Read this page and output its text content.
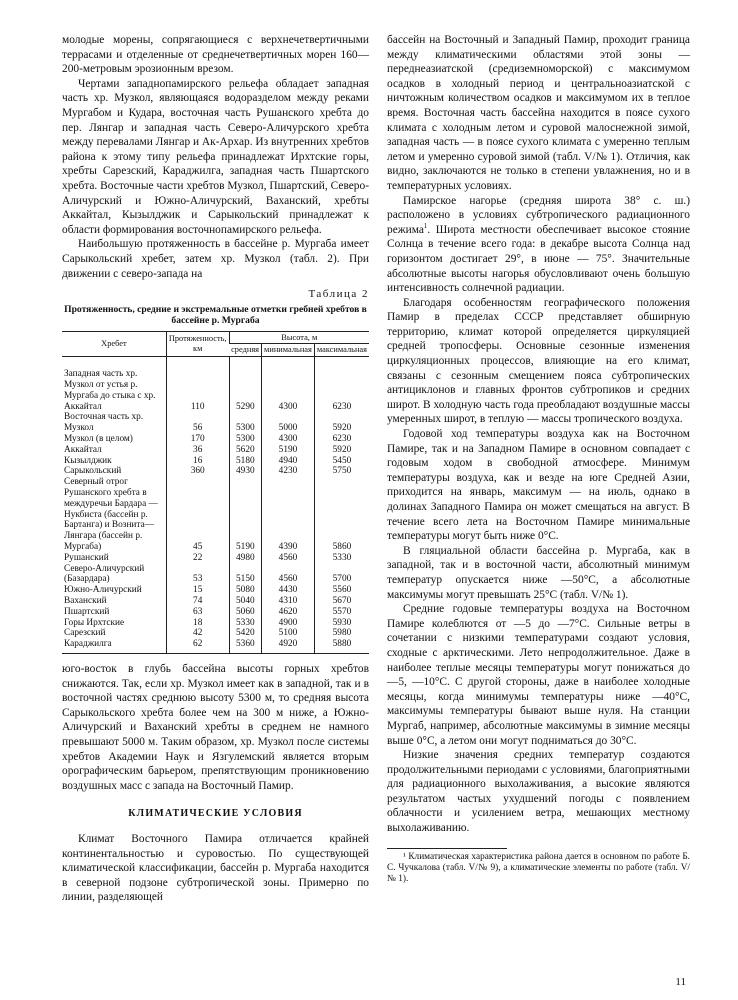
молодые морены, сопрягающиеся с верхнечетвертичными террасами и отделенные от среднечетвертичных морен 160—200-метровым эрозионным врезом.

Чертами западнопамирского рельефа обладает западная часть хр. Музкол, являющаяся водоразделом между реками Мургабом и Кудара, восточная часть Рушанского хребта до пер. Лянгар и западная часть Северо-Аличурского хребта между перевалами Лянгар и Ак-Архар. Из внутренних хребтов района к этому типу рельефа принадлежат Ирхтские горы, хребты Сарезский, Караджилга, западная часть Пшартского хребта. Восточные части хребтов Музкол, Пшартский, Северо-Аличурский и Южно-Аличурский, Ваханский, хребты Аккайтал, Кызылджик и Сарыкольский принадлежат к области формирования восточнопамирского рельефа.

Наибольшую протяженность в бассейне р. Мургаба имеет Сарыкольский хребет, затем хр. Музкол (табл. 2). При движении с северо-запада на

Таблица 2
Протяженность, средние и экстремальные отметки гребней хребтов в бассейне р. Мургаба
Хребет	Протяженность, км	Высота, м		
		средняя	минимальная	максимальная
Западная часть хр. Музкол от устья р. Мургаба до стыка с хр. Аккайтал	110	5290	4300	6230
Восточная часть хр. Музкол	56	5300	5000	5920
Музкол (в целом)	170	5300	4300	6230
Аккайтал	36	5620	5190	5920
Кызылджик	16	5180	4940	5450
Сарыкольский	360	4930	4230	5750
Северный отрог Рушанского хребта в междуречьи Бардара — Нукбиста (бассейн р. Бартанга) и Вознита—Лянгара (бассейн р. Мургаба)	45	5190	4390	5860
Рушанский	22	4980	4560	5330
Северо-Аличурский (Базардара)	53	5150	4560	5700
Южно-Аличурский	15	5080	4430	5560
Ваханский	74	5040	4310	5670
Пшартский	63	5060	4620	5570
Горы Ирхтские	18	5330	4900	5930
Сарезский	42	5420	5100	5980
Караджилга	62	5360	4920	5880

юго-восток в глубь бассейна высоты горных хребтов снижаются. Так, если хр. Музкол имеет как в западной, так и в восточной частях среднюю высоту 5300 м, то средняя высота Сарыкольского хребта более чем на 300 м ниже, а Южно-Аличурский и Ваханский хребты в среднем не намного превышают 5000 м. Таким образом, хр. Музкол после системы хребтов Академии Наук и Язгулемский является вторым орографическим барьером, препятствующим проникновению воздушных масс с запада на Восточный Памир.

КЛИМАТИЧЕСКИЕ УСЛОВИЯ

Климат Восточного Памира отличается крайней континентальностью и суровостью. По существующей климатической классификации, бассейн р. Мургаба находится в северной подзоне субтропической зоны. Примерно по линии, разделяющей

бассейн на Восточный и Западный Памир, проходит граница между климатическими областями этой зоны — переднеазиатской (средиземноморской) с максимумом осадков в холодный период и центральноазиатской с ничтожным количеством осадков и максимумом их в теплое время. Восточная часть бассейна находится в поясе сухого климата с холодным летом и суровой малоснежной зимой, западная часть — в поясе сухого климата с умеренно теплым летом и умеренно суровой зимой (табл. V/№ 1). Отличия, как видно, заключаются не только в степени увлажнения, но и в температурных условиях.

Памирское нагорье (средняя широта 38° с. ш.) расположено в условиях субтропического радиационного режима$^1$. Широта местности обеспечивает высокое стояние Солнца в течение всего года: в декабре высота Солнца над горизонтом достигает 29°, в июне — 75°. Значительные абсолютные высоты нагорья обусловливают очень большую интенсивность солнечной радиации.

Благодаря особенностям географического положения Памир в пределах СССР представляет обширную территорию, климат которой определяется циркуляцией средней тропосферы. Основные сезонные изменения циркуляционных процессов, влияющие на его климат, связаны с сезонным смещением пояса субтропических антициклонов и главных фронтов субтропиков и средних широт. В холодную часть года преобладают воздушные массы умеренных широт, в теплую — массы тропического воздуха.

Годовой ход температуры воздуха как на Восточном Памире, так и на Западном Памире в основном совпадает с годовым ходом в свободной атмосфере. Минимум температуры воздуха, как и везде на юге Средней Азии, приходится на январь, максимум — на июль, однако в долинах Западного Памира он может смещаться на август. В течение всего лета на Восточном Памире минимальные температуры могут быть ниже 0°С.

В гляциальной области бассейна р. Мургаба, как в западной, так и в восточной части, абсолютный минимум температур опускается ниже —50°С, а абсолютные максимумы могут превышать 25°С (табл. V/№ 1).

Средние годовые температуры воздуха на Восточном Памире колеблются от —5 до —7°С. Сильные ветры в сочетании с низкими температурами создают условия, сходные с арктическими. Лето непродолжительное. Даже в наиболее теплые месяцы температуры могут понижаться до —5, —10°С. С другой стороны, даже в наиболее холодные месяцы, когда минимумы температуры ниже —40°С, максимумы температуры бывают выше нуля. На станции Мургаб, например, абсолютные максимумы в зимние месяцы выше 0°С, а летом они могут подниматься до 30°С.

Низкие значения средних температур создаются продолжительными периодами с условиями, благоприятными для радиационного выхолаживания, а высокие являются результатом частых ухудшений погоды с появлением облачности и усилением ветра, мешающих местному выхолаживанию.

¹ Климатическая характеристика района дается в основном по работе Б. С. Чучкалова (табл. V/№ 9), а климатические элементы по работе (табл. V/№ 1).

11
